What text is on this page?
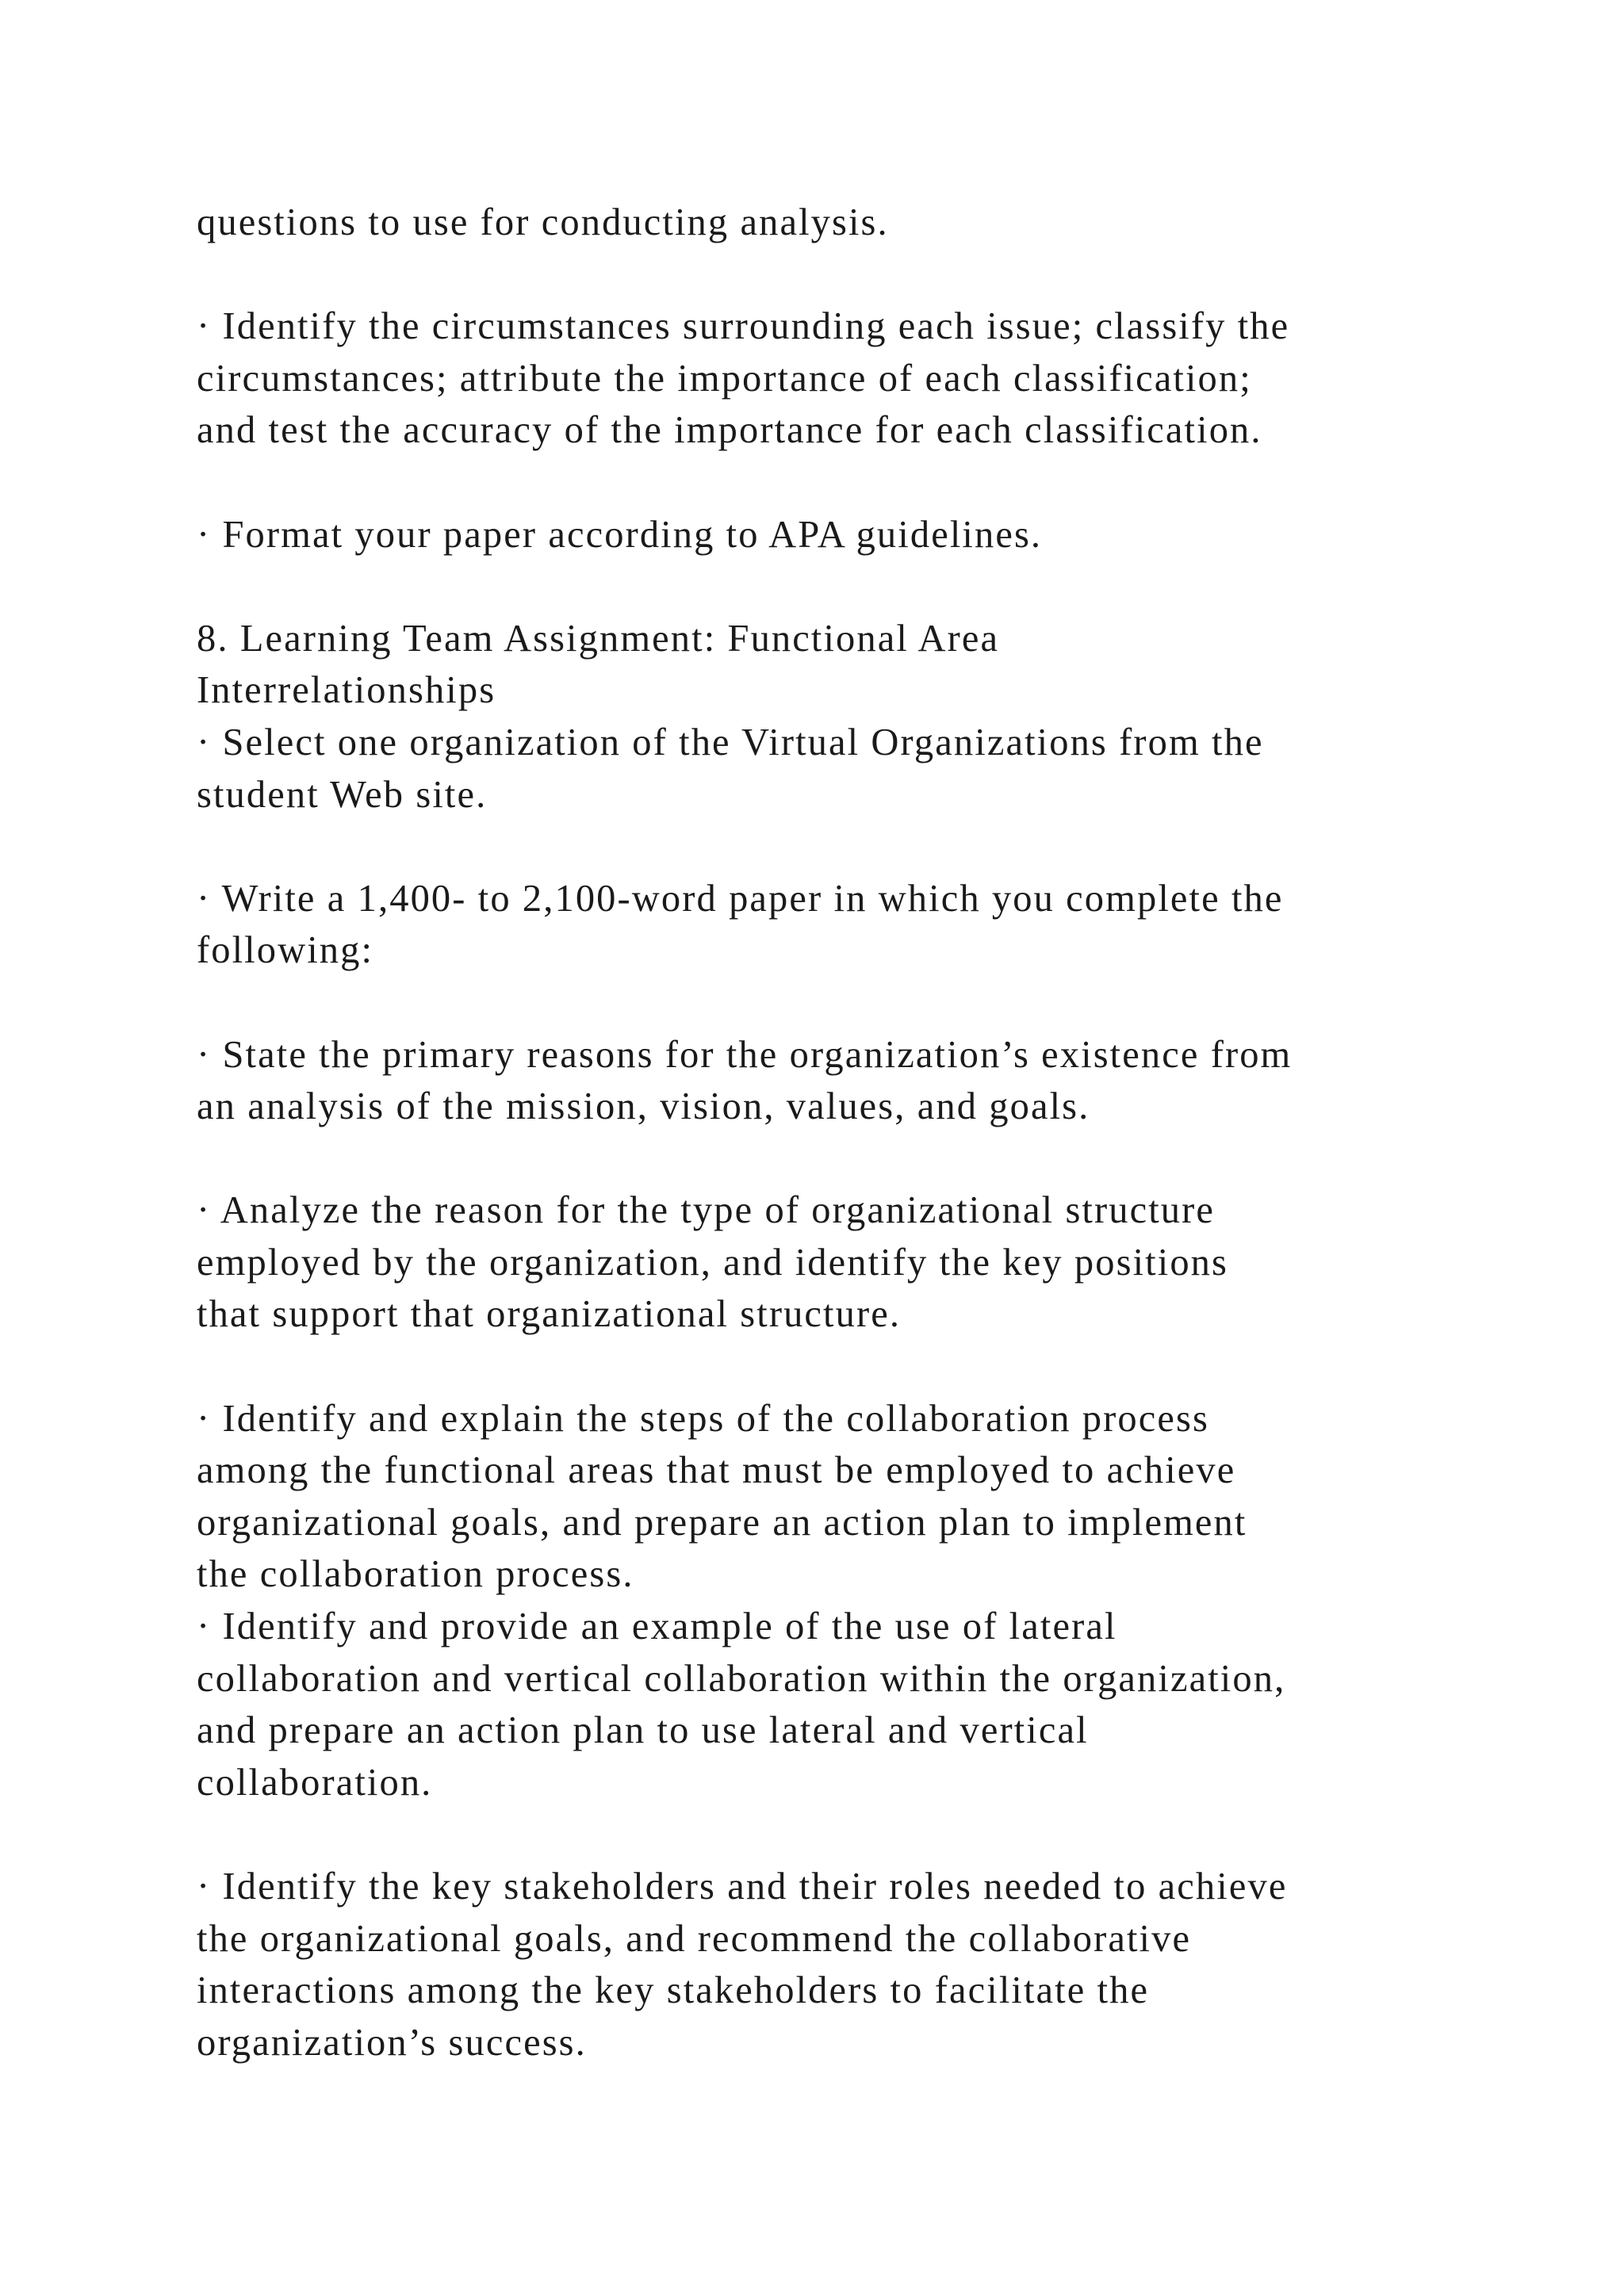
questions to use for conducting analysis.
· Identify the circumstances surrounding each issue; classify the
circumstances; attribute the importance of each classification;
and test the accuracy of the importance for each classification.
· Format your paper according to APA guidelines.
8. Learning Team Assignment: Functional Area
Interrelationships
· Select one organization of the Virtual Organizations from the
student Web site.
· Write a 1,400- to 2,100-word paper in which you complete the
following:
· State the primary reasons for the organization’s existence from
an analysis of the mission, vision, values, and goals.
· Analyze the reason for the type of organizational structure
employed by the organization, and identify the key positions
that support that organizational structure.
· Identify and explain the steps of the collaboration process
among the functional areas that must be employed to achieve
organizational goals, and prepare an action plan to implement
the collaboration process.
· Identify and provide an example of the use of lateral
collaboration and vertical collaboration within the organization,
and prepare an action plan to use lateral and vertical
collaboration.
· Identify the key stakeholders and their roles needed to achieve
the organizational goals, and recommend the collaborative
interactions among the key stakeholders to facilitate the
organization’s success.
